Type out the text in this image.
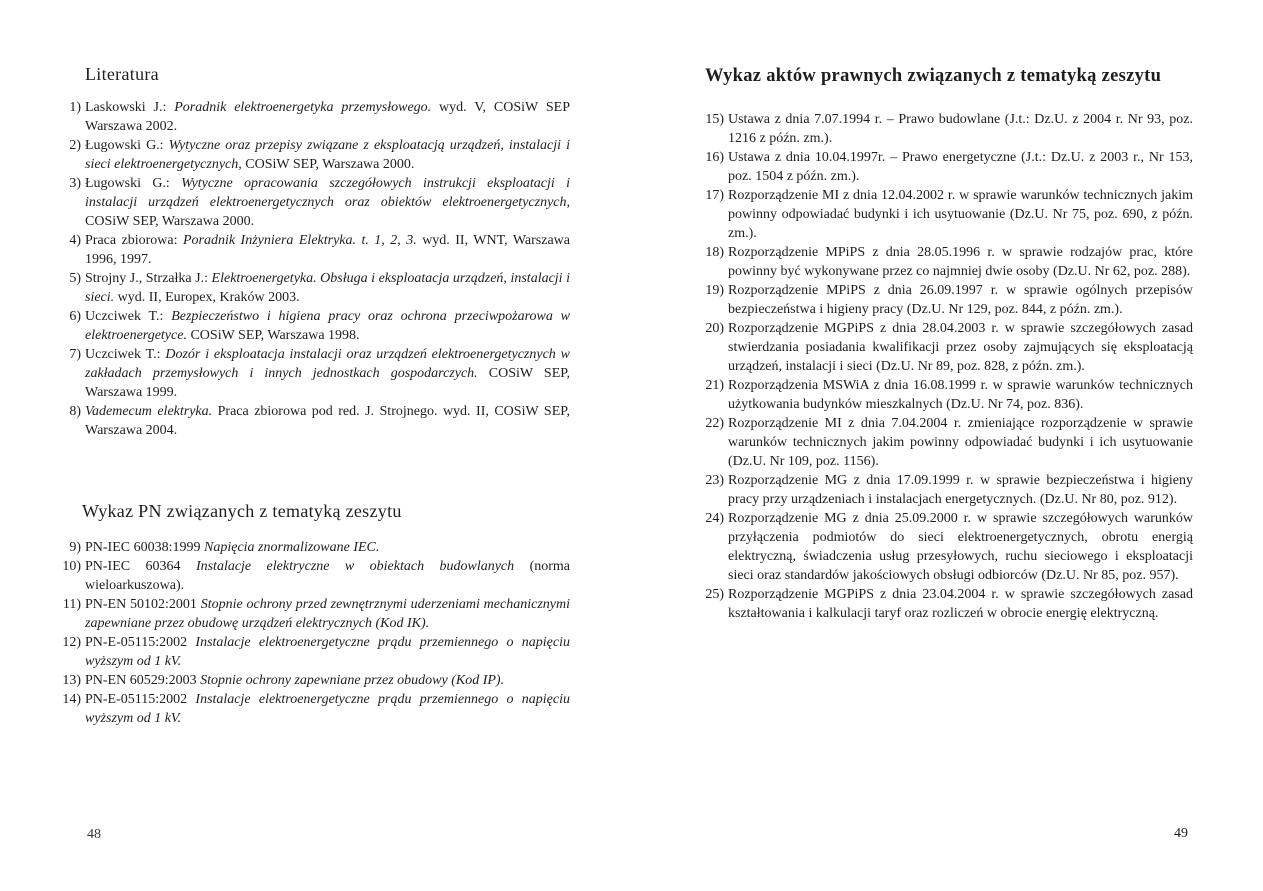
Literatura
1) Laskowski J.: Poradnik elektroenergetyka przemysłowego. wyd. V, COSiW SEP Warszawa 2002.
2) Ługowski G.: Wytyczne oraz przepisy związane z eksploatacją urządzeń, instalacji i sieci elektroenergetycznych, COSiW SEP, Warszawa 2000.
3) Ługowski G.: Wytyczne opracowania szczegółowych instrukcji eksploatacji i instalacji urządzeń elektroenergetycznych oraz obiektów elektroenergetycznych, COSiW SEP, Warszawa 2000.
4) Praca zbiorowa: Poradnik Inżyniera Elektryka. t. 1, 2, 3. wyd. II, WNT, Warszawa 1996, 1997.
5) Strojny J., Strzałka J.: Elektroenergetyka. Obsługa i eksploatacja urządzeń, instalacji i sieci. wyd. II, Europex, Kraków 2003.
6) Uczciwek T.: Bezpieczeństwo i higiena pracy oraz ochrona przeciwpożarowa w elektroenergetyce. COSiW SEP, Warszawa 1998.
7) Uczciwek T.: Dozór i eksploatacja instalacji oraz urządzeń elektroenergetycznych w zakładach przemysłowych i innych jednostkach gospodarczych. COSiW SEP, Warszawa 1999.
8) Vademecum elektryka. Praca zbiorowa pod red. J. Strojnego. wyd. II, COSiW SEP, Warszawa 2004.
Wykaz PN związanych z tematyką zeszytu
9) PN-IEC 60038:1999 Napięcia znormalizowane IEC.
10) PN-IEC 60364 Instalacje elektryczne w obiektach budowlanych (norma wieloarkuszowa).
11) PN-EN 50102:2001 Stopnie ochrony przed zewnętrznymi uderzeniami mechanicznymi zapewniane przez obudowę urządzeń elektrycznych (Kod IK).
12) PN-E-05115:2002 Instalacje elektroenergetyczne prądu przemiennego o napięciu wyższym od 1 kV.
13) PN-EN 60529:2003 Stopnie ochrony zapewniane przez obudowy (Kod IP).
14) PN-E-05115:2002 Instalacje elektroenergetyczne prądu przemiennego o napięciu wyższym od 1 kV.
48	49
Wykaz aktów prawnych związanych z tematyką zeszytu
15) Ustawa z dnia 7.07.1994 r. – Prawo budowlane (J.t.: Dz.U. z 2004 r. Nr 93, poz. 1216 z późn. zm.).
16) Ustawa z dnia 10.04.1997r. – Prawo energetyczne (J.t.: Dz.U. z 2003 r., Nr 153, poz. 1504 z późn. zm.).
17) Rozporządzenie MI z dnia 12.04.2002 r. w sprawie warunków technicznych jakim powinny odpowiadać budynki i ich usytuowanie (Dz.U. Nr 75, poz. 690, z późn. zm.).
18) Rozporządzenie MPiPS z dnia 28.05.1996 r. w sprawie rodzajów prac, które powinny być wykonywane przez co najmniej dwie osoby (Dz.U. Nr 62, poz. 288).
19) Rozporządzenie MPiPS z dnia 26.09.1997 r. w sprawie ogólnych przepisów bezpieczeństwa i higieny pracy (Dz.U. Nr 129, poz. 844, z późn. zm.).
20) Rozporządzenie MGPiPS z dnia 28.04.2003 r. w sprawie szczegółowych zasad stwierdzania posiadania kwalifikacji przez osoby zajmujących się eksploatacją urządzeń, instalacji i sieci (Dz.U. Nr 89, poz. 828, z późn. zm.).
21) Rozporządzenia MSWiA z dnia 16.08.1999 r. w sprawie warunków technicznych użytkowania budynków mieszkalnych (Dz.U. Nr 74, poz. 836).
22) Rozporządzenie MI z dnia 7.04.2004 r. zmieniające rozporządzenie w sprawie warunków technicznych jakim powinny odpowiadać budynki i ich usytuowanie (Dz.U. Nr 109, poz. 1156).
23) Rozporządzenie MG z dnia 17.09.1999 r. w sprawie bezpieczeństwa i higieny pracy przy urządzeniach i instalacjach energetycznych. (Dz.U. Nr 80, poz. 912).
24) Rozporządzenie MG z dnia 25.09.2000 r. w sprawie szczegółowych warunków przyłączenia podmiotów do sieci elektroenergetycznych, obrotu energią elektryczną, świadczenia usług przesyłowych, ruchu sieciowego i eksploatacji sieci oraz standardów jakościowych obsługi odbiorców (Dz.U. Nr 85, poz. 957).
25) Rozporządzenie MGPiPS z dnia 23.04.2004 r. w sprawie szczegółowych zasad kształtowania i kalkulacji taryf oraz rozliczeń w obrocie energię elektryczną.
